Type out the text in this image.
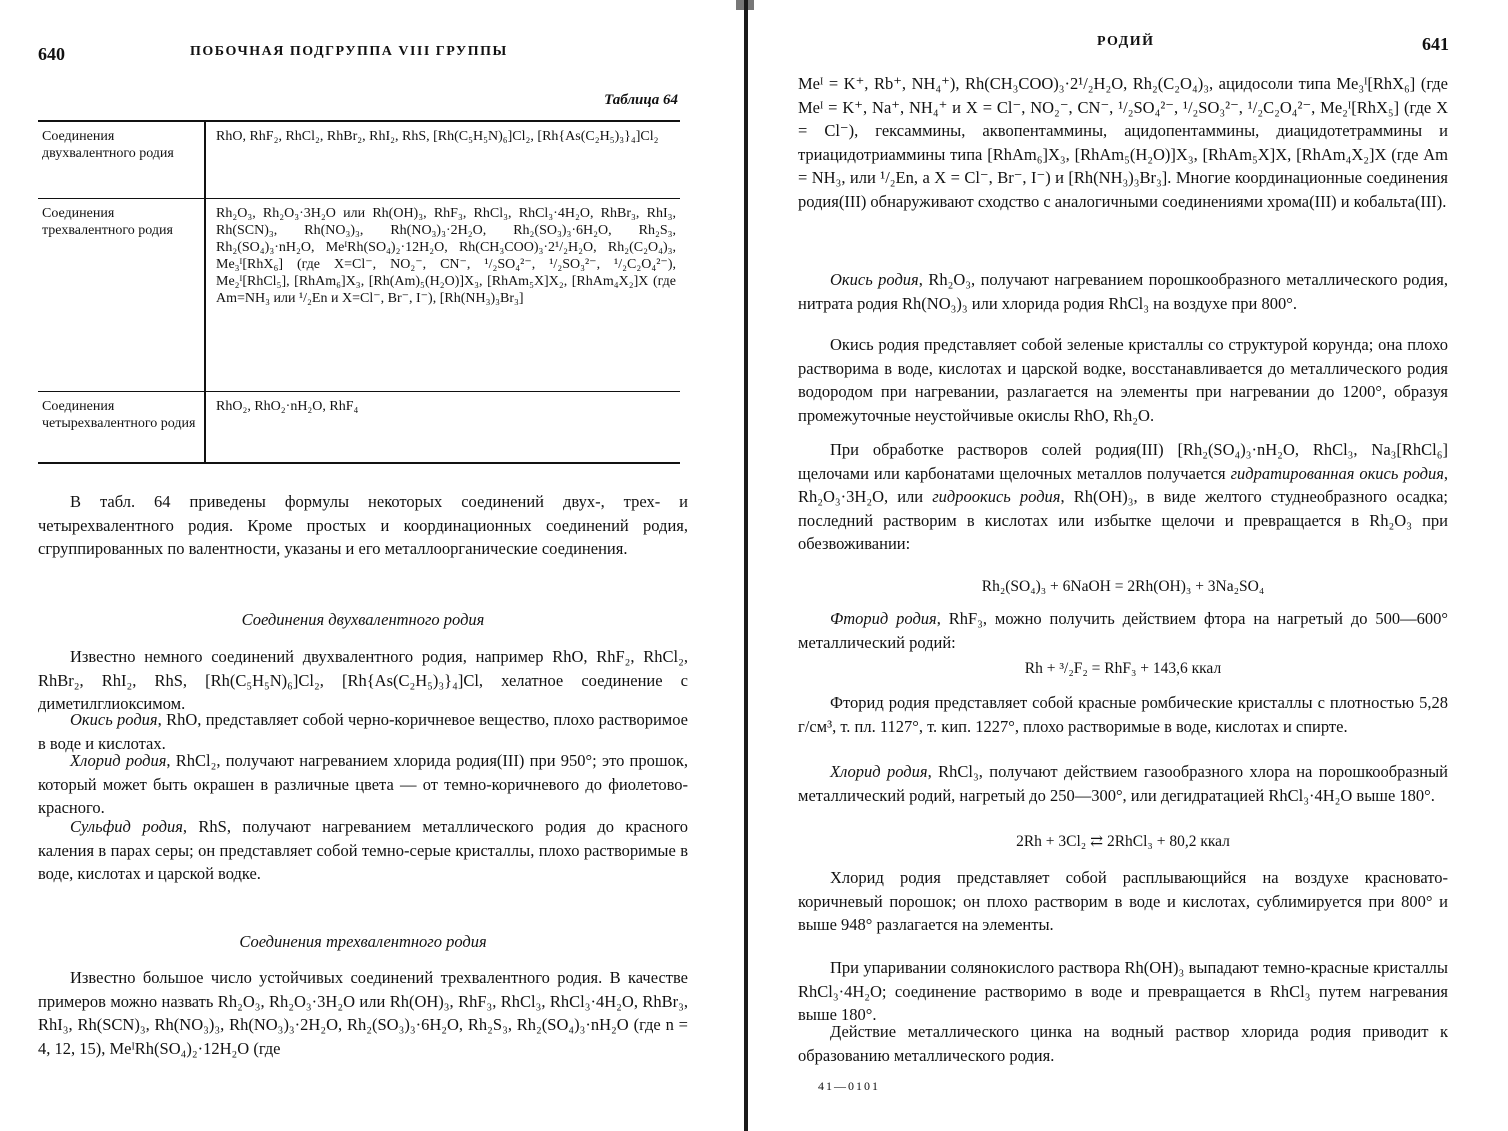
640	ПОБОЧНАЯ ПОДГРУППА VIII ГРУППЫ
Таблица 64
Соединения двухвалентного родия
RhO, RhF₂, RhCl₂, RhBr₂, RhI₂, RhS, [Rh(C₅H₅N)₆]Cl₂, [Rh{As(C₂H₅)₃}₄]Cl₂
Соединения трехвалентного родия
Rh₂O₃, Rh₂O₃·3H₂O или Rh(OH)₃, RhF₃, RhCl₃, RhCl₃·4H₂O, RhBr₃, RhI₃, Rh(SCN)₃, Rh(NO₃)₃, Rh(NO₃)₃·2H₂O, Rh₂(SO₃)₃·6H₂O, Rh₂S₃, Rh₂(SO₄)₃·nH₂O, MeᴵRh(SO₄)₂·12H₂O, Rh(CH₃COO)₃·2¹/₂H₂O, Rh₂(C₂O₄)₃, Me₃ᴵ[RhX₆] (где X=Cl⁻, NO₂⁻, CN⁻, ¹/₂SO₄²⁻, ¹/₂SO₃²⁻, ¹/₂C₂O₄²⁻), Me₂ᴵ[RhCl₅], [RhAm₆]X₃, [Rh(Am)₅(H₂O)]X₃, [RhAm₅X]X₂, [RhAm₄X₂]X (где Am=NH₃ или ¹/₂En и X=Cl⁻, Br⁻, I⁻), [Rh(NH₃)₃Br₃]
Соединения четырехвалентного родия
RhO₂, RhO₂·nH₂O, RhF₄
В табл. 64 приведены формулы некоторых соединений двух-, трех- и четырехвалентного родия. Кроме простых и координационных соединений родия, сгруппированных по валентности, указаны и его металлоорганические соединения.
Соединения двухвалентного родия
Известно немного соединений двухвалентного родия, например RhO, RhF₂, RhCl₂, RhBr₂, RhI₂, RhS, [Rh(C₅H₅N)₆]Cl₂, [Rh{As(C₂H₅)₃}₄]Cl, хелатное соединение с диметилглиоксимом.
Окись родия, RhO, представляет собой черно-коричневое вещество, плохо растворимое в воде и кислотах.
Хлорид родия, RhCl₂, получают нагреванием хлорида родия(III) при 950°; это прошок, который может быть окрашен в различные цвета — от темно-коричневого до фиолетово-красного.
Сульфид родия, RhS, получают нагреванием металлического родия до красного каления в парах серы; он представляет собой темно-серые кристаллы, плохо растворимые в воде, кислотах и царской водке.
Соединения трехвалентного родия
Известно большое число устойчивых соединений трехвалентного родия. В качестве примеров можно назвать Rh₂O₃, Rh₂O₃·3H₂O или Rh(OH)₃, RhF₃, RhCl₃, RhCl₃·4H₂O, RhBr₃, RhI₃, Rh(SCN)₃, Rh(NO₃)₃, Rh(NO₃)₃·2H₂O, Rh₂(SO₃)₃·6H₂O, Rh₂S₃, Rh₂(SO₄)₃·nH₂O (где n = 4, 12, 15), MeᴵRh(SO₄)₂·12H₂O (где
РОДИЙ	641
Meᴵ = K⁺, Rb⁺, NH₄⁺), Rh(CH₃COO)₃·2¹/₂H₂O, Rh₂(C₂O₄)₃, ацидосоли типа Me₃ᴵ[RhX₆] (где Meᴵ = K⁺, Na⁺, NH₄⁺ и X = Cl⁻, NO₂⁻, CN⁻, ¹/₂SO₄²⁻, ¹/₂SO₃²⁻, ¹/₂C₂O₄²⁻, Me₂ᴵ[RhX₅] (где X = Cl⁻), гексаммины, аквопентаммины, ацидопентаммины, диацидотетраммины и триацидотриаммины типа [RhAm₆]X₃, [RhAm₅(H₂O)]X₃, [RhAm₅X]X, [RhAm₄X₂]X (где Am = NH₃, или ¹/₂En, а X = Cl⁻, Br⁻, I⁻) и [Rh(NH₃)₃Br₃]. Многие координационные соединения родия(III) обнаруживают сходство с аналогичными соединениями хрома(III) и кобальта(III).
Окись родия, Rh₂O₃, получают нагреванием порошкообразного металлического родия, нитрата родия Rh(NO₃)₃ или хлорида родия RhCl₃ на воздухе при 800°.
Окись родия представляет собой зеленые кристаллы со структурой корунда; она плохо растворима в воде, кислотах и царской водке, восстанавливается до металлического родия водородом при нагревании, разлагается на элементы при нагревании до 1200°, образуя промежуточные неустойчивые окислы RhO, Rh₂O.
При обработке растворов солей родия(III) [Rh₂(SO₄)₃·nH₂O, RhCl₃, Na₃[RhCl₆] щелочами или карбонатами щелочных металлов получается гидратированная окись родия, Rh₂O₃·3H₂O, или гидроокись родия, Rh(OH)₃, в виде желтого студнеобразного осадка; последний растворим в кислотах или избытке щелочи и превращается в Rh₂O₃ при обезвоживании:
Rh₂(SO₄)₃ + 6NaOH = 2Rh(OH)₃ + 3Na₂SO₄
Фторид родия, RhF₃, можно получить действием фтора на нагретый до 500—600° металлический родий:
Rh + ³/₂F₂ = RhF₃ + 143,6 ккал
Фторид родия представляет собой красные ромбические кристаллы с плотностью 5,28 г/см³, т. пл. 1127°, т. кип. 1227°, плохо растворимые в воде, кислотах и спирте.
Хлорид родия, RhCl₃, получают действием газообразного хлора на порошкообразный металлический родий, нагретый до 250—300°, или дегидратацией RhCl₃·4H₂O выше 180°.
2Rh + 3Cl₂ ⇄ 2RhCl₃ + 80,2 ккал
Хлорид родия представляет собой расплывающийся на воздухе красновато-коричневый порошок; он плохо растворим в воде и кислотах, сублимируется при 800° и выше 948° разлагается на элементы.
При упаривании солянокислого раствора Rh(OH)₃ выпадают темно-красные кристаллы RhCl₃·4H₂O; соединение растворимо в воде и превращается в RhCl₃ путем нагревания выше 180°.
Действие металлического цинка на водный раствор хлорида родия приводит к образованию металлического родия.
41—0101
